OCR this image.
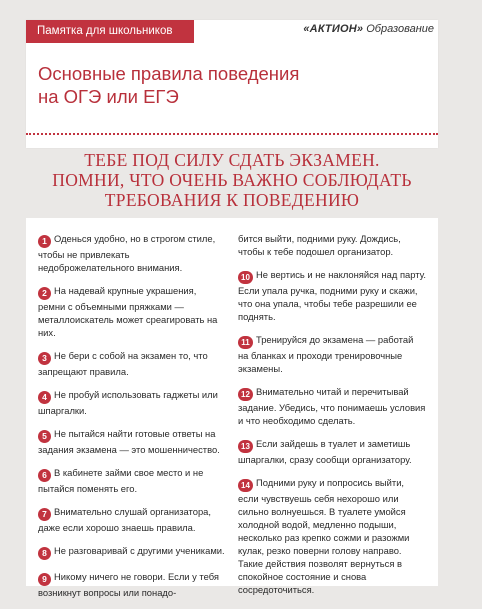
Памятка для школьников	«АКТИОН» Образование
Основные правила поведения
на ОГЭ или ЕГЭ
ТЕБЕ ПОД СИЛУ СДАТЬ ЭКЗАМЕН.
ПОМНИ, ЧТО ОЧЕНЬ ВАЖНО СОБЛЮДАТЬ
ТРЕБОВАНИЯ К ПОВЕДЕНИЮ
1 Оденься удобно, но в строгом стиле, чтобы не привлекать недоброжелательного внимания.
2 На надевай крупные украшения, ремни с объемными пряжками — металлоискатель может среагировать на них.
3 Не бери с собой на экзамен то, что запрещают правила.
4 Не пробуй использовать гаджеты или шпаргалки.
5 Не пытайся найти готовые ответы на задания экзамена — это мошенничество.
6 В кабинете займи свое место и не пытайся поменять его.
7 Внимательно слушай организатора, даже если хорошо знаешь правила.
8 Не разговаривай с другими учениками.
9 Никому ничего не говори. Если у тебя возникнут вопросы или понадо-
бится выйти, подними руку. Дождись, чтобы к тебе подошел организатор.
10 Не вертись и не наклоняйся над парту. Если упала ручка, подними руку и скажи, что она упала, чтобы тебе разрешили ее поднять.
11 Тренируйся до экзамена — работай на бланках и проходи тренировочные экзамены.
12 Внимательно читай и перечитывай задание. Убедись, что понимаешь условия и что необходимо сделать.
13 Если зайдешь в туалет и заметишь шпаргалки, сразу сообщи организатору.
14 Подними руку и попросись выйти, если чувствуешь себя нехорошо или сильно волнуешься. В туалете умойся холодной водой, медленно подыши, несколько раз крепко сожми и разожми кулак, резко поверни голову направо. Такие действия позволят вернуться в спокойное состояние и снова сосредоточиться.
